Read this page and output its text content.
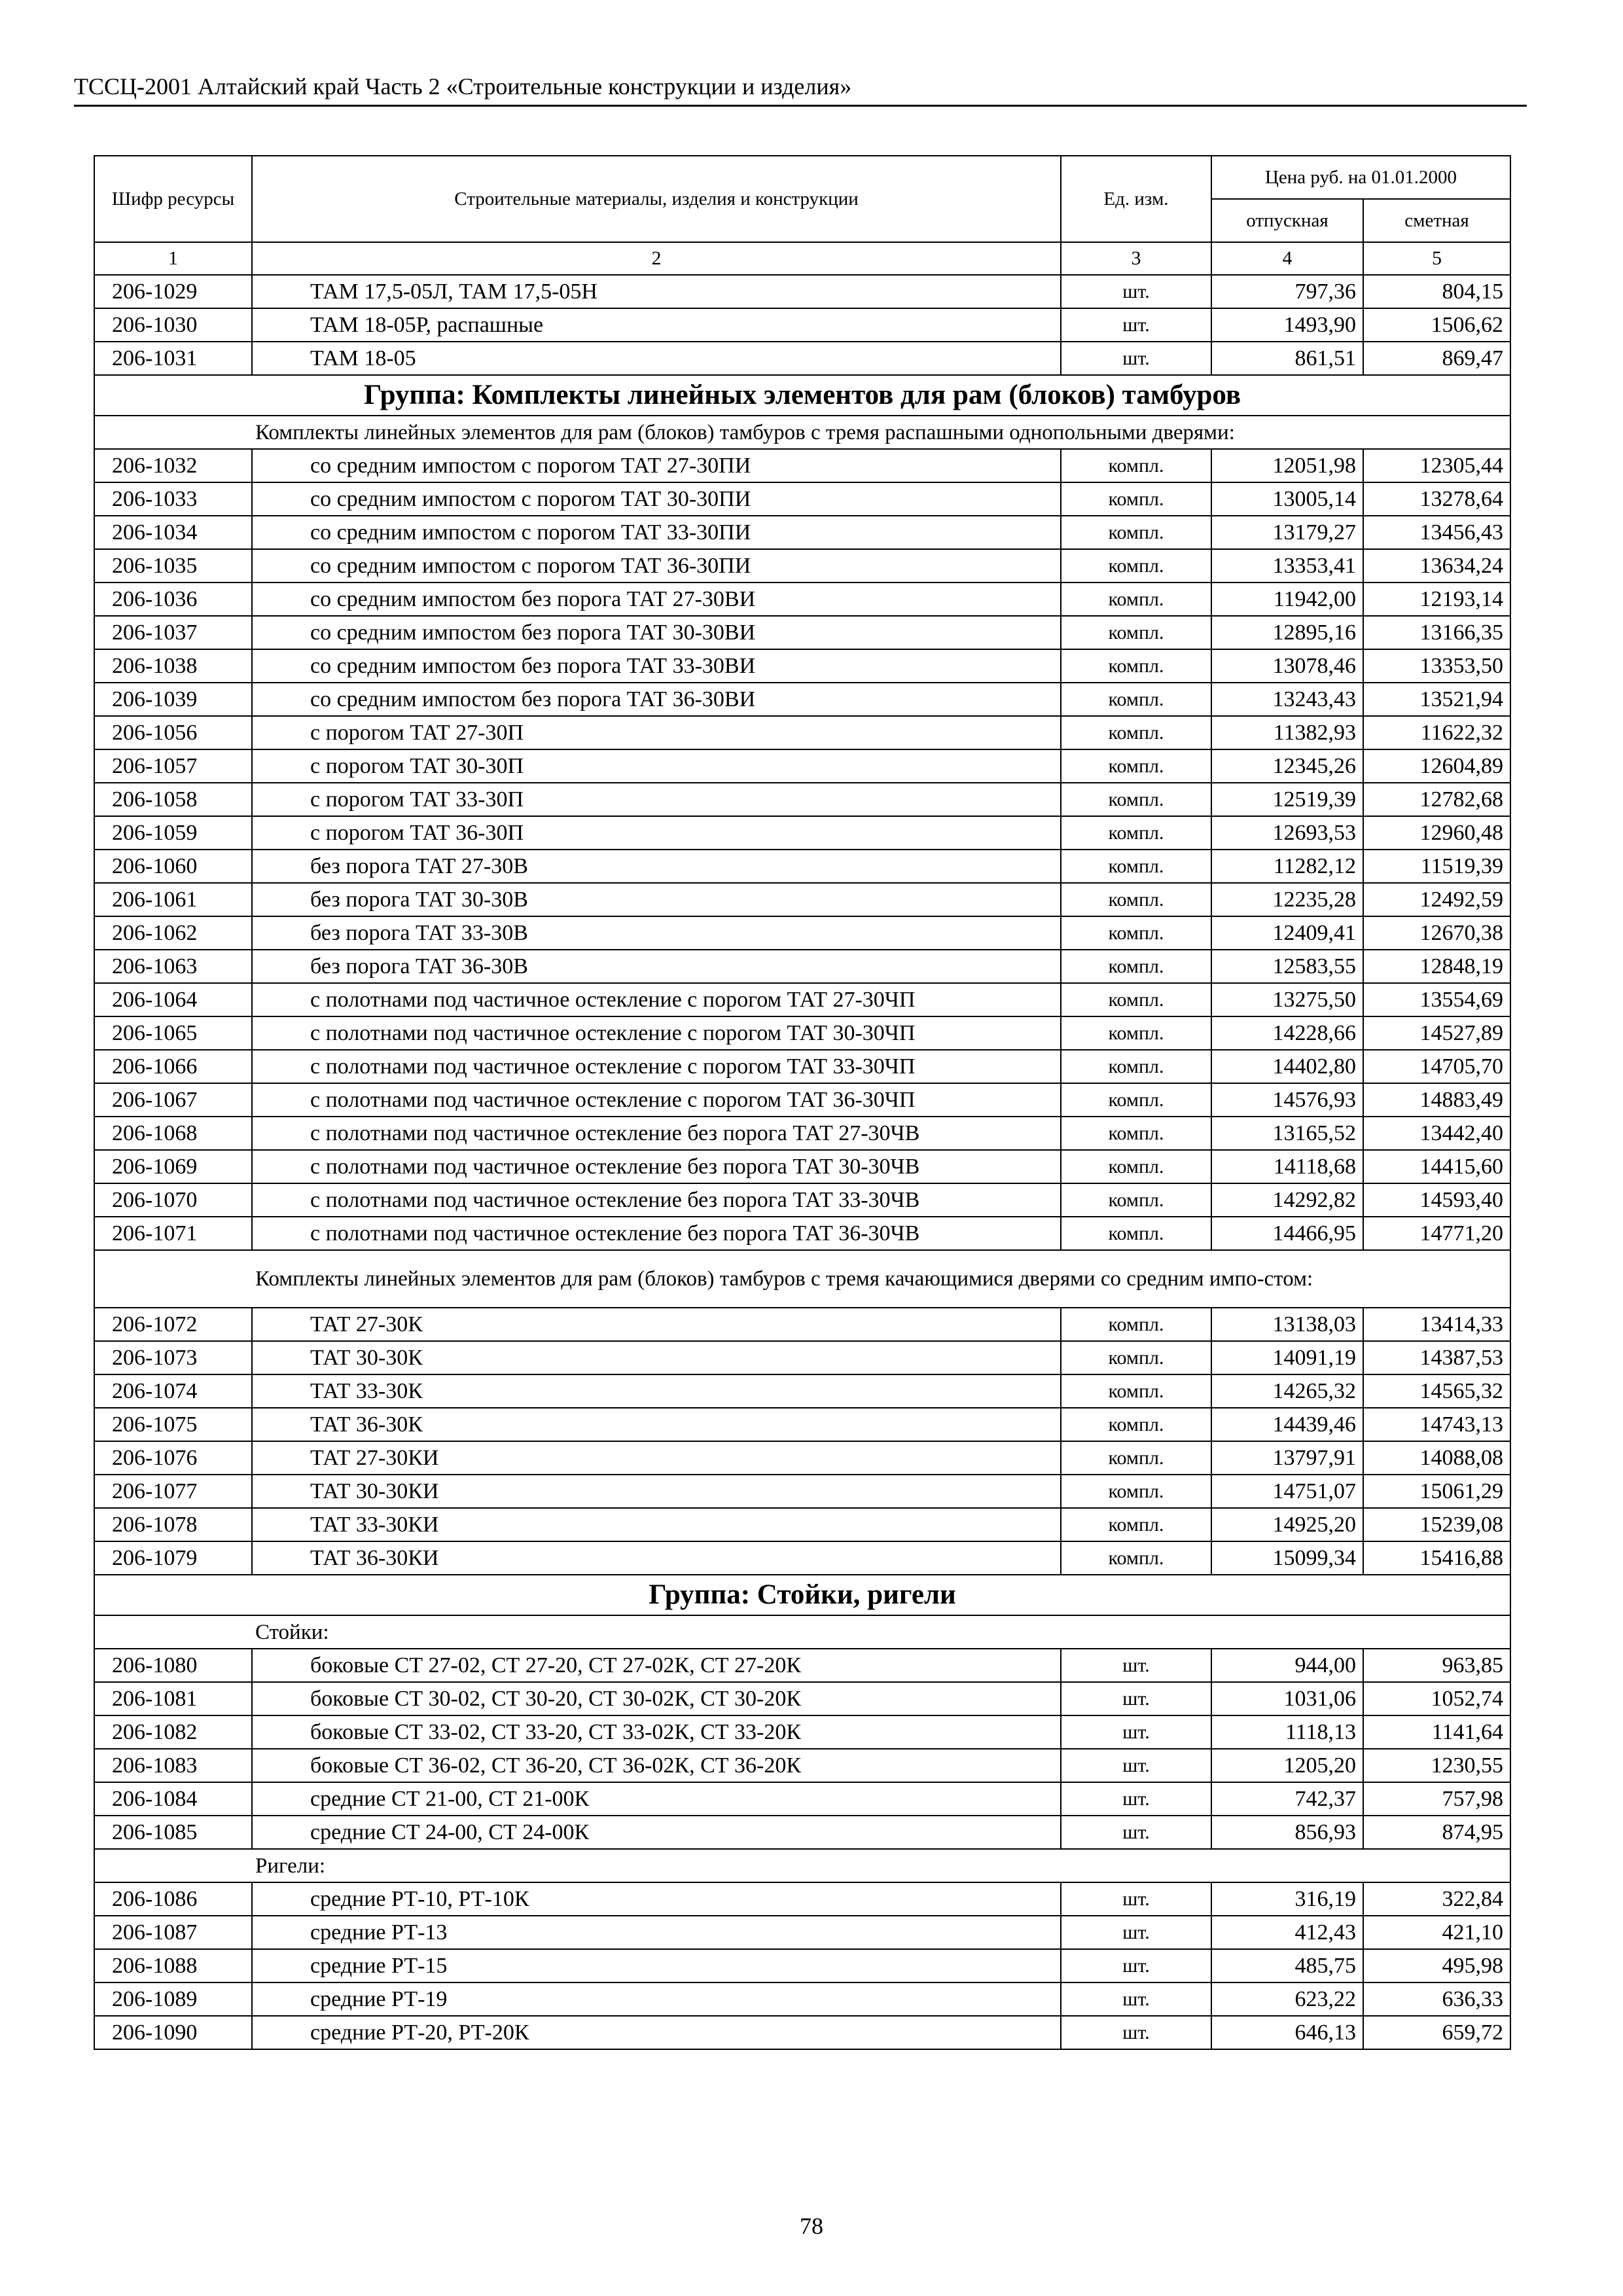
ТССЦ-2001 Алтайский край Часть 2 «Строительные конструкции и изделия»
Шифр ресурсы	Строительные материалы, изделия и конструкции	Ед. изм.	Цена руб. на 01.01.2000	
			отпускная	сметная
1	2	3	4	5
206-1029	ТАМ 17,5-05Л, ТАМ 17,5-05Н	шт.	797,36	804,15
206-1030	ТАМ 18-05Р, распашные	шт.	1493,90	1506,62
206-1031	ТАМ 18-05	шт.	861,51	869,47
Группа: Комплекты линейных элементов для рам (блоков) тамбуров				
Комплекты линейных элементов для рам (блоков) тамбуров с тремя распашными однопольными дверями:				
206-1032	со средним импостом с порогом ТАТ 27-30ПИ	компл.	12051,98	12305,44
206-1033	со средним импостом с порогом ТАТ 30-30ПИ	компл.	13005,14	13278,64
206-1034	со средним импостом с порогом ТАТ 33-30ПИ	компл.	13179,27	13456,43
206-1035	со средним импостом с порогом ТАТ 36-30ПИ	компл.	13353,41	13634,24
206-1036	со средним импостом без порога ТАТ 27-30ВИ	компл.	11942,00	12193,14
206-1037	со средним импостом без порога ТАТ 30-30ВИ	компл.	12895,16	13166,35
206-1038	со средним импостом без порога ТАТ 33-30ВИ	компл.	13078,46	13353,50
206-1039	со средним импостом без порога ТАТ 36-30ВИ	компл.	13243,43	13521,94
206-1056	с порогом ТАТ 27-30П	компл.	11382,93	11622,32
206-1057	с порогом ТАТ 30-30П	компл.	12345,26	12604,89
206-1058	с порогом ТАТ 33-30П	компл.	12519,39	12782,68
206-1059	с порогом ТАТ 36-30П	компл.	12693,53	12960,48
206-1060	без порога ТАТ 27-30В	компл.	11282,12	11519,39
206-1061	без порога ТАТ 30-30В	компл.	12235,28	12492,59
206-1062	без порога ТАТ 33-30В	компл.	12409,41	12670,38
206-1063	без порога ТАТ 36-30В	компл.	12583,55	12848,19
206-1064	с полотнами под частичное остекление с порогом ТАТ 27-30ЧП	компл.	13275,50	13554,69
206-1065	с полотнами под частичное остекление с порогом ТАТ 30-30ЧП	компл.	14228,66	14527,89
206-1066	с полотнами под частичное остекление с порогом ТАТ 33-30ЧП	компл.	14402,80	14705,70
206-1067	с полотнами под частичное остекление с порогом ТАТ 36-30ЧП	компл.	14576,93	14883,49
206-1068	с полотнами под частичное остекление без порога ТАТ 27-30ЧВ	компл.	13165,52	13442,40
206-1069	с полотнами под частичное остекление без порога ТАТ 30-30ЧВ	компл.	14118,68	14415,60
206-1070	с полотнами под частичное остекление без порога ТАТ 33-30ЧВ	компл.	14292,82	14593,40
206-1071	с полотнами под частичное остекление без порога ТАТ 36-30ЧВ	компл.	14466,95	14771,20
Комплекты линейных элементов для рам (блоков) тамбуров с тремя качающимися дверями со средним импо-стом:				
206-1072	ТАТ 27-30К	компл.	13138,03	13414,33
206-1073	ТАТ 30-30К	компл.	14091,19	14387,53
206-1074	ТАТ 33-30К	компл.	14265,32	14565,32
206-1075	ТАТ 36-30К	компл.	14439,46	14743,13
206-1076	ТАТ 27-30КИ	компл.	13797,91	14088,08
206-1077	ТАТ 30-30КИ	компл.	14751,07	15061,29
206-1078	ТАТ 33-30КИ	компл.	14925,20	15239,08
206-1079	ТАТ 36-30КИ	компл.	15099,34	15416,88
Группа: Стойки, ригели				
Стойки:				
206-1080	боковые СТ 27-02, СТ 27-20, СТ 27-02К, СТ 27-20К	шт.	944,00	963,85
206-1081	боковые СТ 30-02, СТ 30-20, СТ 30-02К, СТ 30-20К	шт.	1031,06	1052,74
206-1082	боковые СТ 33-02, СТ 33-20, СТ 33-02К, СТ 33-20К	шт.	1118,13	1141,64
206-1083	боковые СТ 36-02, СТ 36-20, СТ 36-02К, СТ 36-20К	шт.	1205,20	1230,55
206-1084	средние СТ 21-00, СТ 21-00К	шт.	742,37	757,98
206-1085	средние СТ 24-00, СТ 24-00К	шт.	856,93	874,95
Ригели:				
206-1086	средние РТ-10, РТ-10К	шт.	316,19	322,84
206-1087	средние РТ-13	шт.	412,43	421,10
206-1088	средние РТ-15	шт.	485,75	495,98
206-1089	средние РТ-19	шт.	623,22	636,33
206-1090	средние РТ-20, РТ-20К	шт.	646,13	659,72
78
